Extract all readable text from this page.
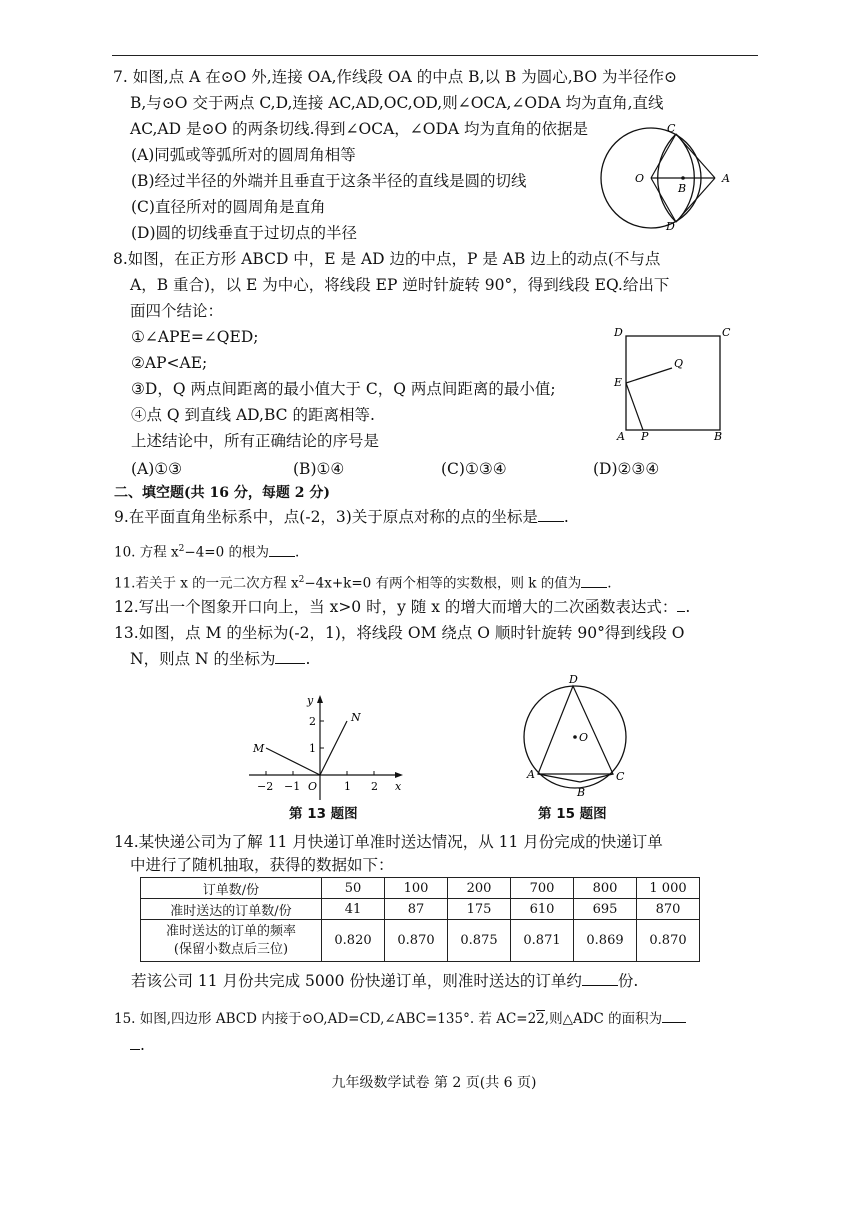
7. 如图,点 A 在⊙O 外,连接 OA,作线段 OA 的中点 B,以 B 为圆心,BO 为半径作⊙
B,与⊙O 交于两点 C,D,连接 AC,AD,OC,OD,则∠OCA,∠ODA 均为直角,直线
AC,AD 是⊙O 的两条切线.得到∠OCA，∠ODA 均为直角的依据是
(A)同弧或等弧所对的圆周角相等
(B)经过半径的外端并且垂直于这条半径的直线是圆的切线
(C)直径所对的圆周角是直角
(D)圆的切线垂直于过切点的半径
C
O
B
A
D
8.如图，在正方形 ABCD 中，E 是 AD 边的中点，P 是 AB 边上的动点(不与点
A，B 重合)，以 E 为中心，将线段 EP 逆时针旋转 90°，得到线段 EQ.给出下
面四个结论：
①∠APE=∠QED;
②AP<AE;
③D，Q 两点间距离的最小值大于 C，Q 两点间距离的最小值;
④点 Q 到直线 AD,BC 的距离相等.
上述结论中，所有正确结论的序号是
(A)①③	(B)①④	(C)①③④	(D)②③④
D	C
Q
E
A P	B
二、填空题(共 16 分，每题 2 分)
9.在平面直角坐标系中，点(-2，3)关于原点对称的点的坐标是 .
10. 方程 $x^2-4=0$ 的根为 .
11.若关于 x 的一元二次方程 $x^2-4x+k=0$ 有两个相等的实数根，则 k 的值为 .
12.写出一个图象开口向上，当 x>0 时，y 随 x 的增大而增大的二次函数表达式： .
13.如图，点 M 的坐标为(-2，1)，将线段 OM 绕点 O 顺时针旋转 90°得到线段 O
N，则点 N 的坐标为 .
y
x
O
M
N
−2 −1	1 2
1
2
第 13 题图
D
O
A
B
C
第 15 题图
14.某快递公司为了解 11 月快递订单准时送达情况，从 11 月份完成的快递订单
中进行了随机抽取，获得的数据如下：
订单数/份	50	100	200	700	800	1 000
准时送达的订单数/份	41	87	175	610	695	870
准时送达的订单的频率
(保留小数点后三位)	0.820	0.870	0.875	0.871	0.869	0.870
若该公司 11 月份共完成 5000 份快递订单，则准时送达的订单约 份.
15. 如图,四边形 ABCD 内接于⊙O,AD=CD,∠ABC=135°. 若 AC=22,则△ADC 的面积为
.
九年级数学试卷 第 2 页(共 6 页)
